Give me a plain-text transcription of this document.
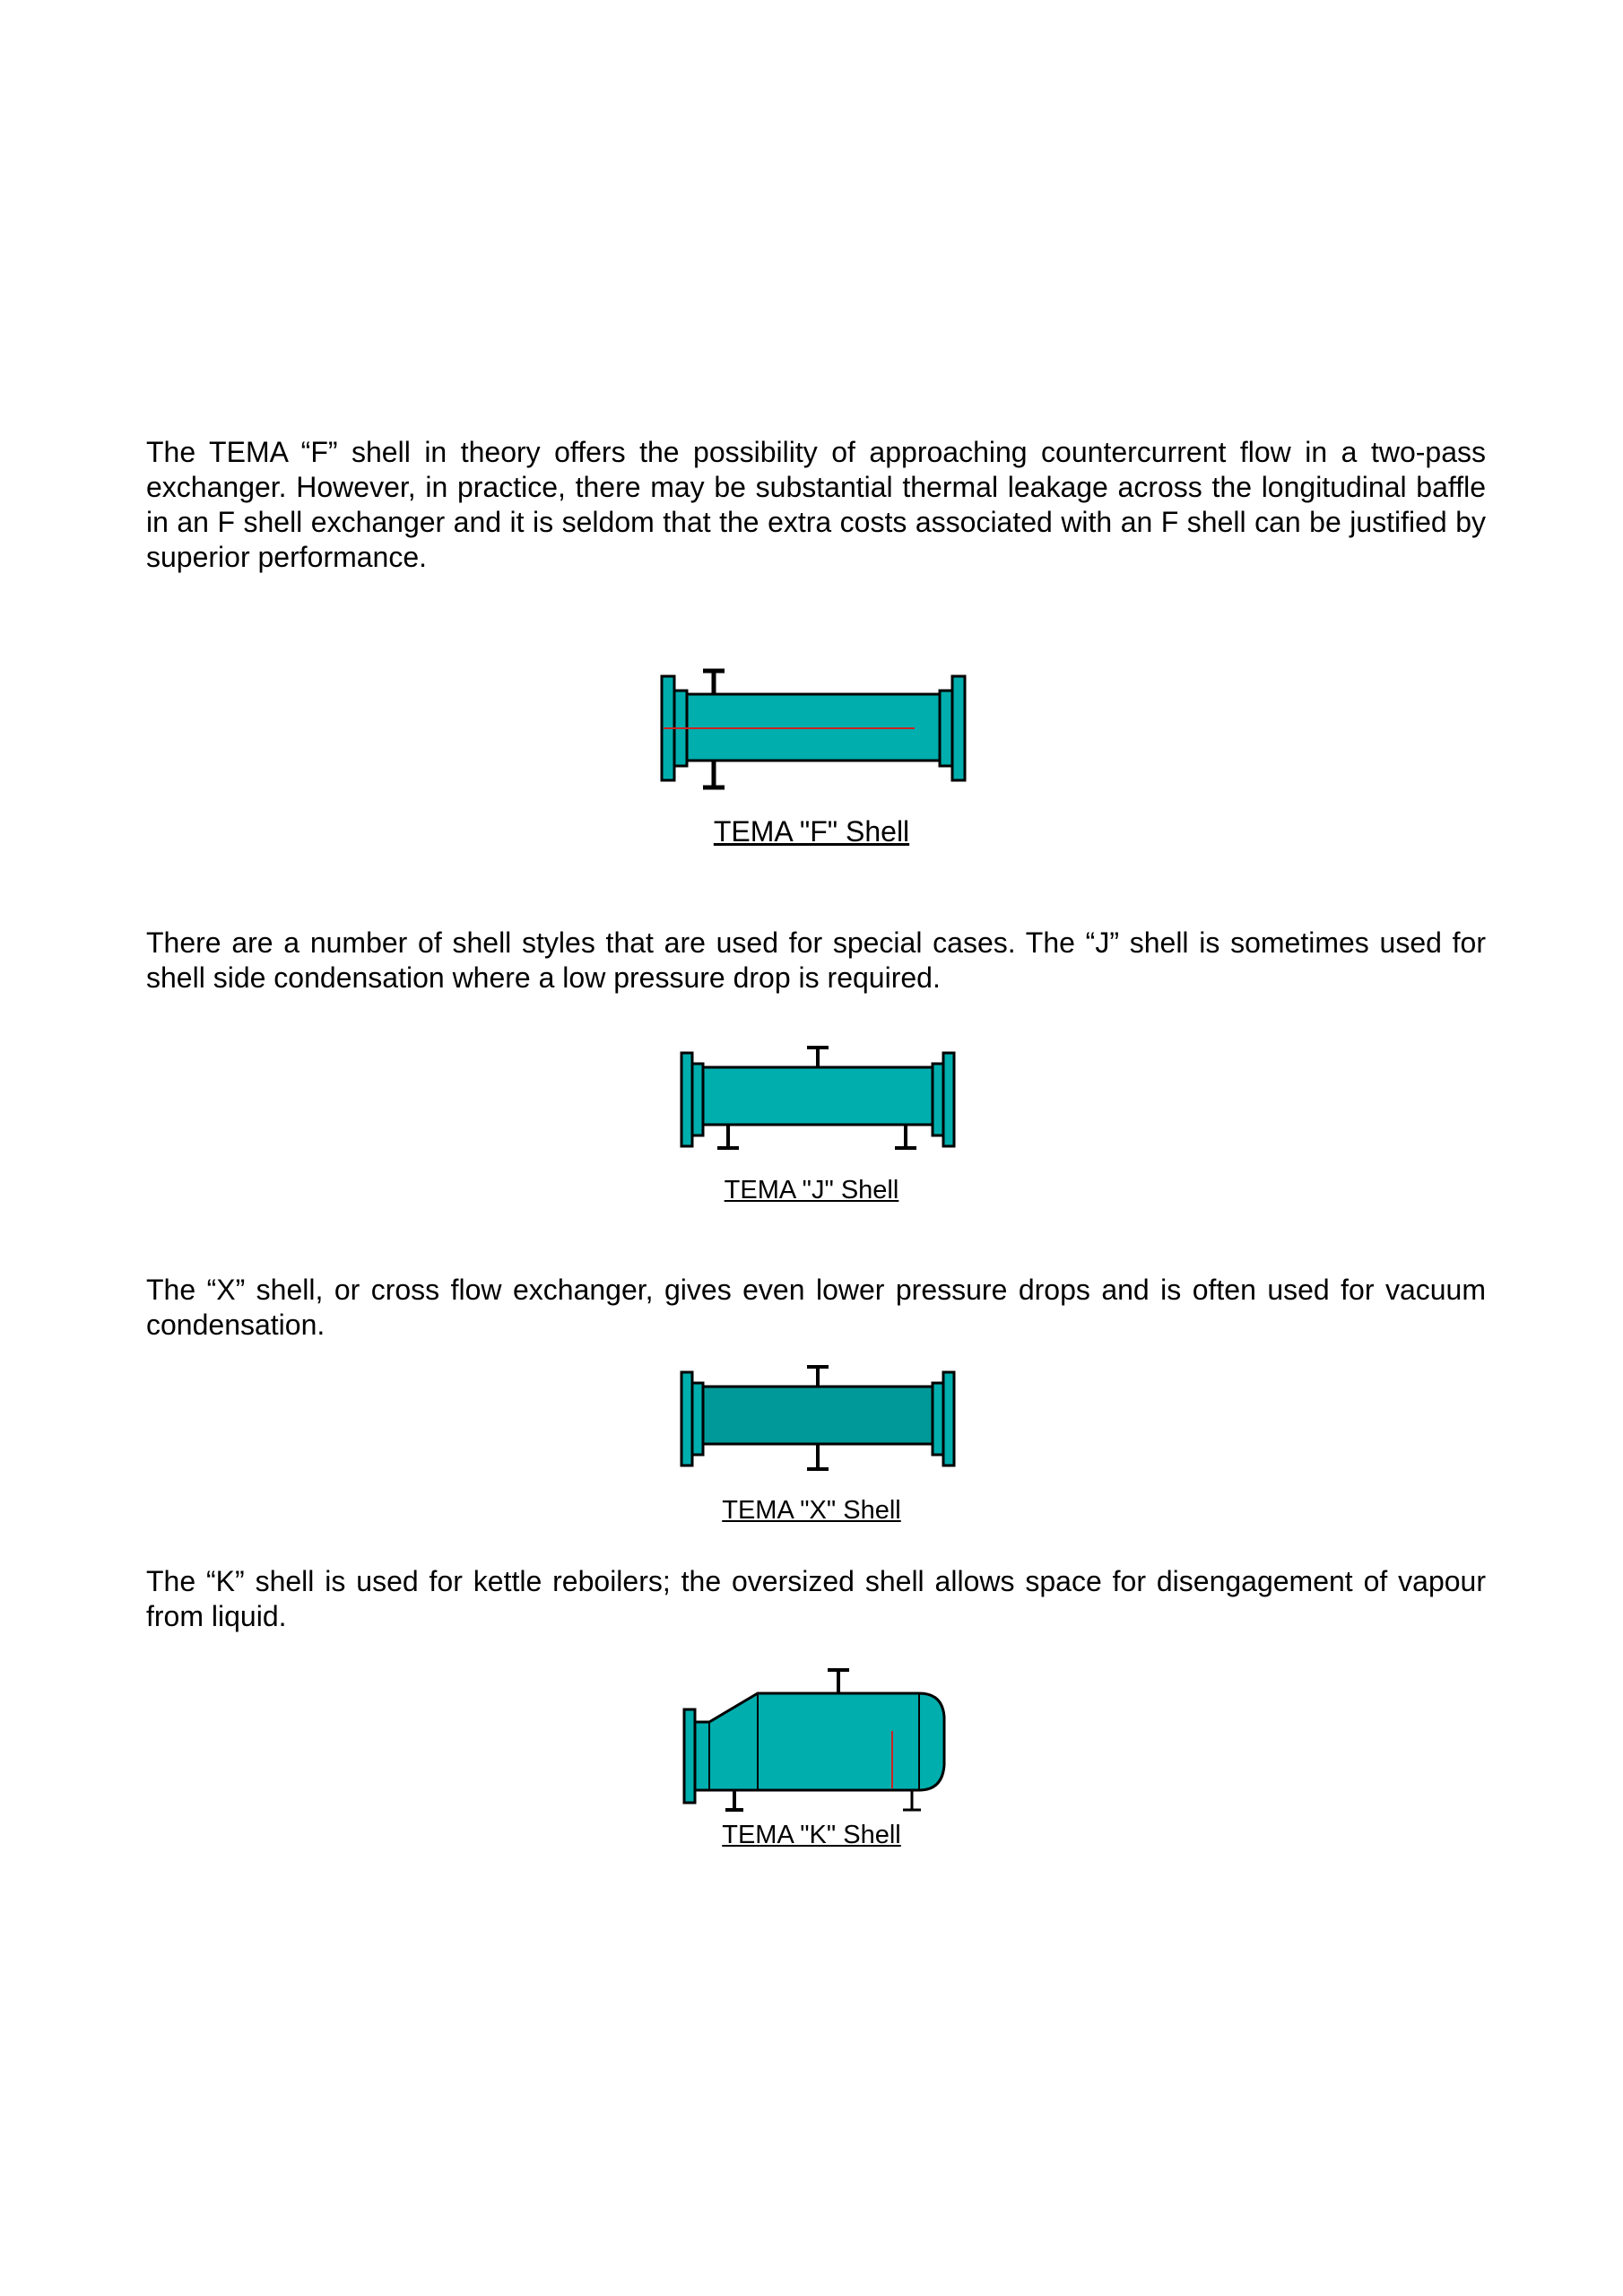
The TEMA “F” shell in theory offers the possibility of approaching countercurrent flow in a two-pass exchanger. However, in practice, there may be substantial thermal leakage across the longitudinal baffle in an F shell exchanger and it is seldom that the extra costs associated with an F shell can be justified by superior performance.

TEMA "F" Shell

There are a number of shell styles that are used for special cases. The “J” shell is sometimes used for shell side condensation where a low pressure drop is required.

TEMA "J" Shell

The “X” shell, or cross flow exchanger, gives even lower pressure drops and is often used for vacuum condensation.

TEMA "X" Shell

The “K” shell is used for kettle reboilers; the oversized shell allows space for disengagement of vapour from liquid.

TEMA "K" Shell
